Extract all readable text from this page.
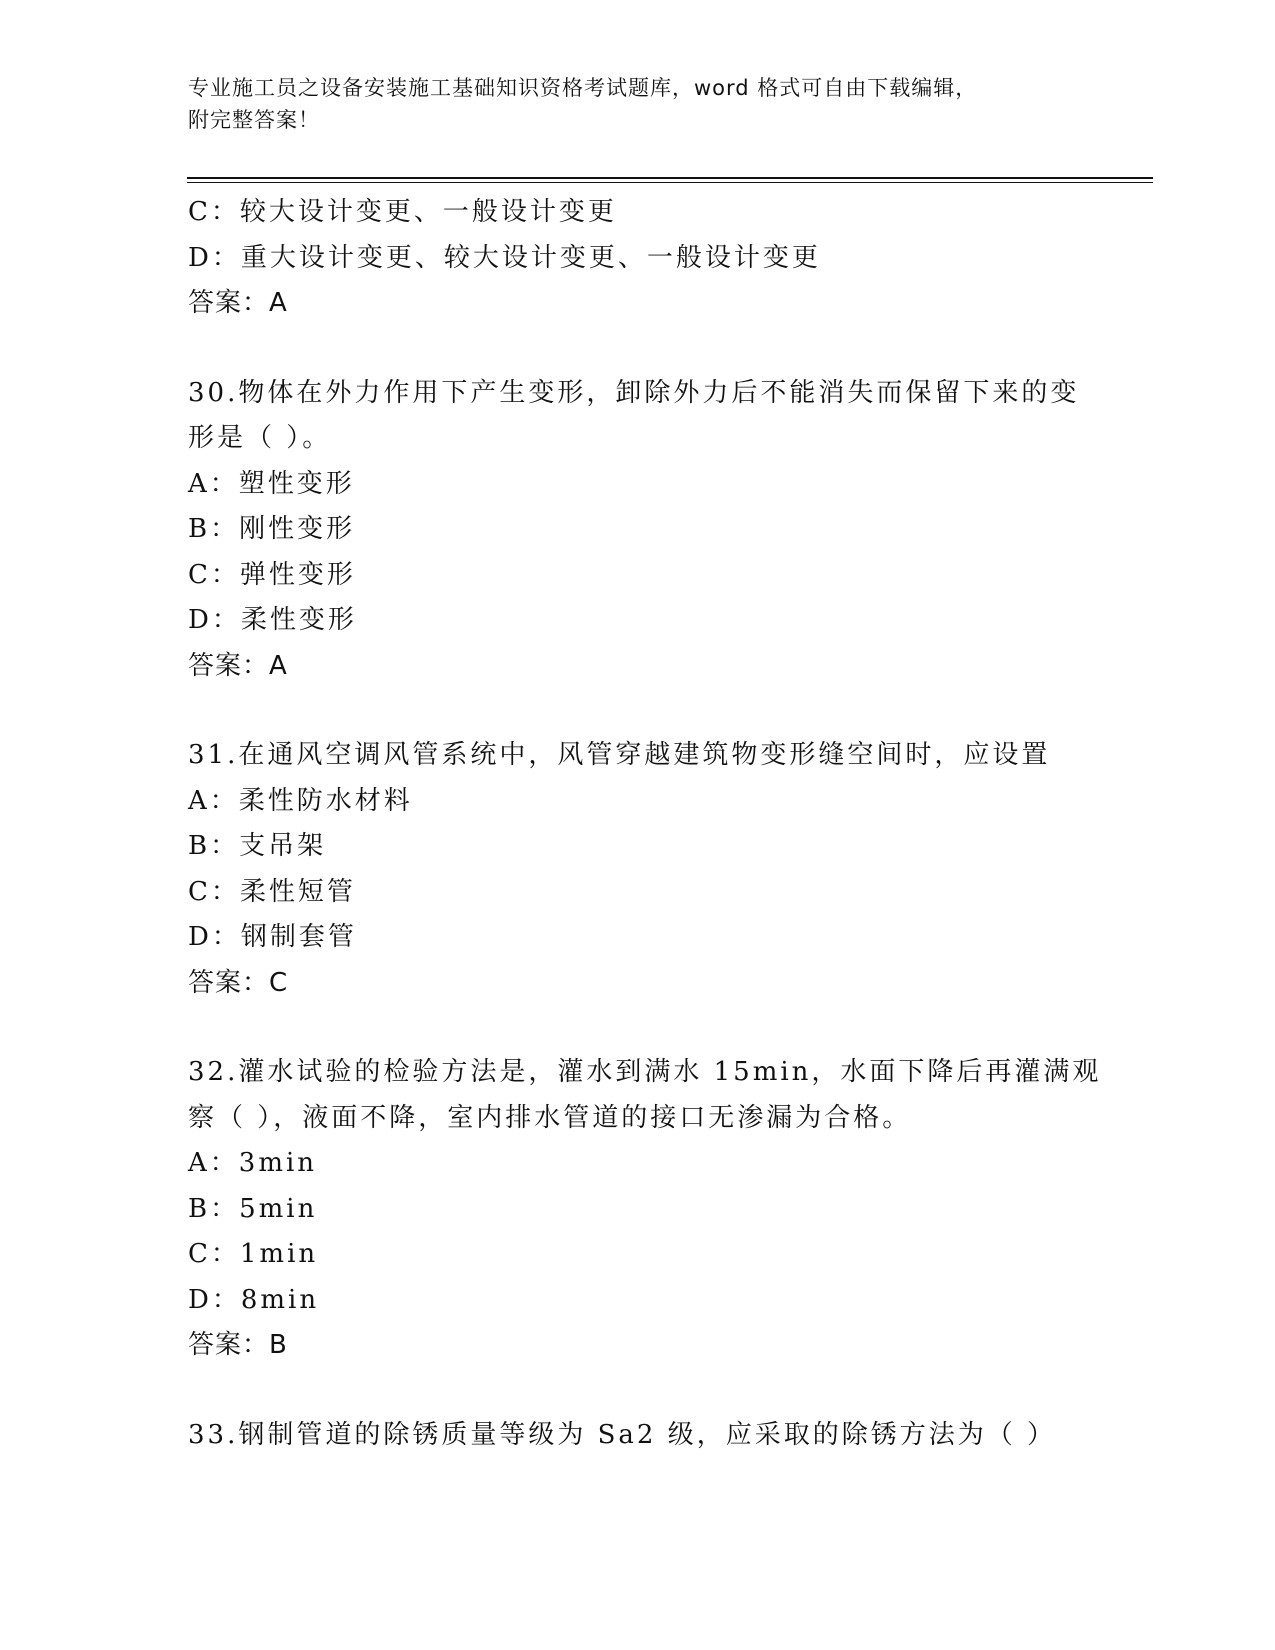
专业施工员之设备安装施工基础知识资格考试题库，word 格式可自由下载编辑，
附完整答案！
C：较大设计变更、一般设计变更
D：重大设计变更、较大设计变更、一般设计变更
答案：A
30.物体在外力作用下产生变形，卸除外力后不能消失而保留下来的变
形是（ ）。
A：塑性变形
B：刚性变形
C：弹性变形
D：柔性变形
答案：A
31.在通风空调风管系统中，风管穿越建筑物变形缝空间时，应设置
A：柔性防水材料
B：支吊架
C：柔性短管
D：钢制套管
答案：C
32.灌水试验的检验方法是，灌水到满水 15min，水面下降后再灌满观
察（ ），液面不降，室内排水管道的接口无渗漏为合格。
A：3min
B：5min
C：1min
D：8min
答案：B
33.钢制管道的除锈质量等级为 Sa2 级，应采取的除锈方法为（ ）
